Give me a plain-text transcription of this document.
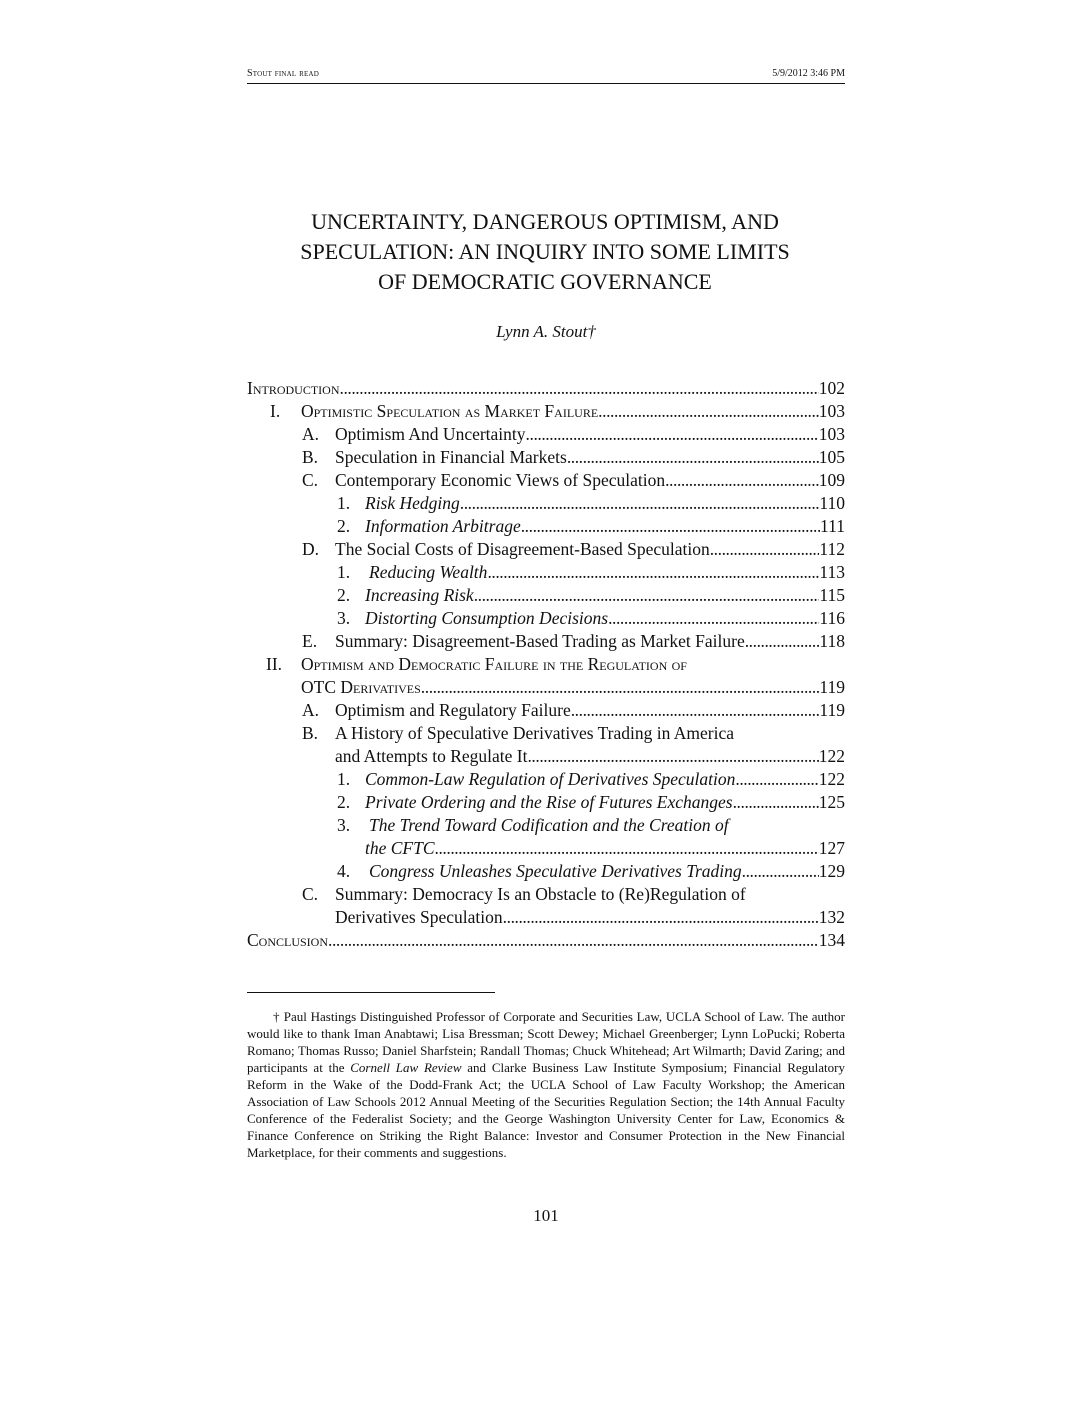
Stout final read	5/9/2012 3:46 PM
UNCERTAINTY, DANGEROUS OPTIMISM, AND
SPECULATION: AN INQUIRY INTO SOME LIMITS
OF DEMOCRATIC GOVERNANCE
Lynn A. Stout†
Introduction . . .	102
I. Optimistic Speculation as Market Failure . . .	103
A. Optimism And Uncertainty . . .	103
B. Speculation in Financial Markets . . .	105
C. Contemporary Economic Views of Speculation . . .	109
1. Risk Hedging . . .	110
2. Information Arbitrage . . .	111
D. The Social Costs of Disagreement-Based Speculation . . .	112
1. Reducing Wealth . . .	113
2. Increasing Risk . . .	115
3. Distorting Consumption Decisions . . .	116
E. Summary: Disagreement-Based Trading as Market Failure . . .	118
II. Optimism and Democratic Failure in the Regulation of
OTC Derivatives . . .	119
A. Optimism and Regulatory Failure . . .	119
B. A History of Speculative Derivatives Trading in America
and Attempts to Regulate It . . .	122
1. Common-Law Regulation of Derivatives Speculation . . .	122
2. Private Ordering and the Rise of Futures Exchanges . . .	125
3. The Trend Toward Codification and the Creation of
the CFTC . . .	127
4. Congress Unleashes Speculative Derivatives Trading . . .	129
C. Summary: Democracy Is an Obstacle to (Re)Regulation of
Derivatives Speculation . . .	132
Conclusion . . .	134
† Paul Hastings Distinguished Professor of Corporate and Securities Law, UCLA School of Law. The author would like to thank Iman Anabtawi; Lisa Bressman; Scott Dewey; Michael Greenberger; Lynn LoPucki; Roberta Romano; Thomas Russo; Daniel Sharfstein; Randall Thomas; Chuck Whitehead; Art Wilmarth; David Zaring; and participants at the Cornell Law Review and Clarke Business Law Institute Symposium; Financial Regulatory Reform in the Wake of the Dodd-Frank Act; the UCLA School of Law Faculty Workshop; the American Association of Law Schools 2012 Annual Meeting of the Securities Regulation Section; the 14th Annual Faculty Conference of the Federalist Society; and the George Washington University Center for Law, Economics & Finance Conference on Striking the Right Balance: Investor and Consumer Protection in the New Financial Marketplace, for their comments and suggestions.
101
